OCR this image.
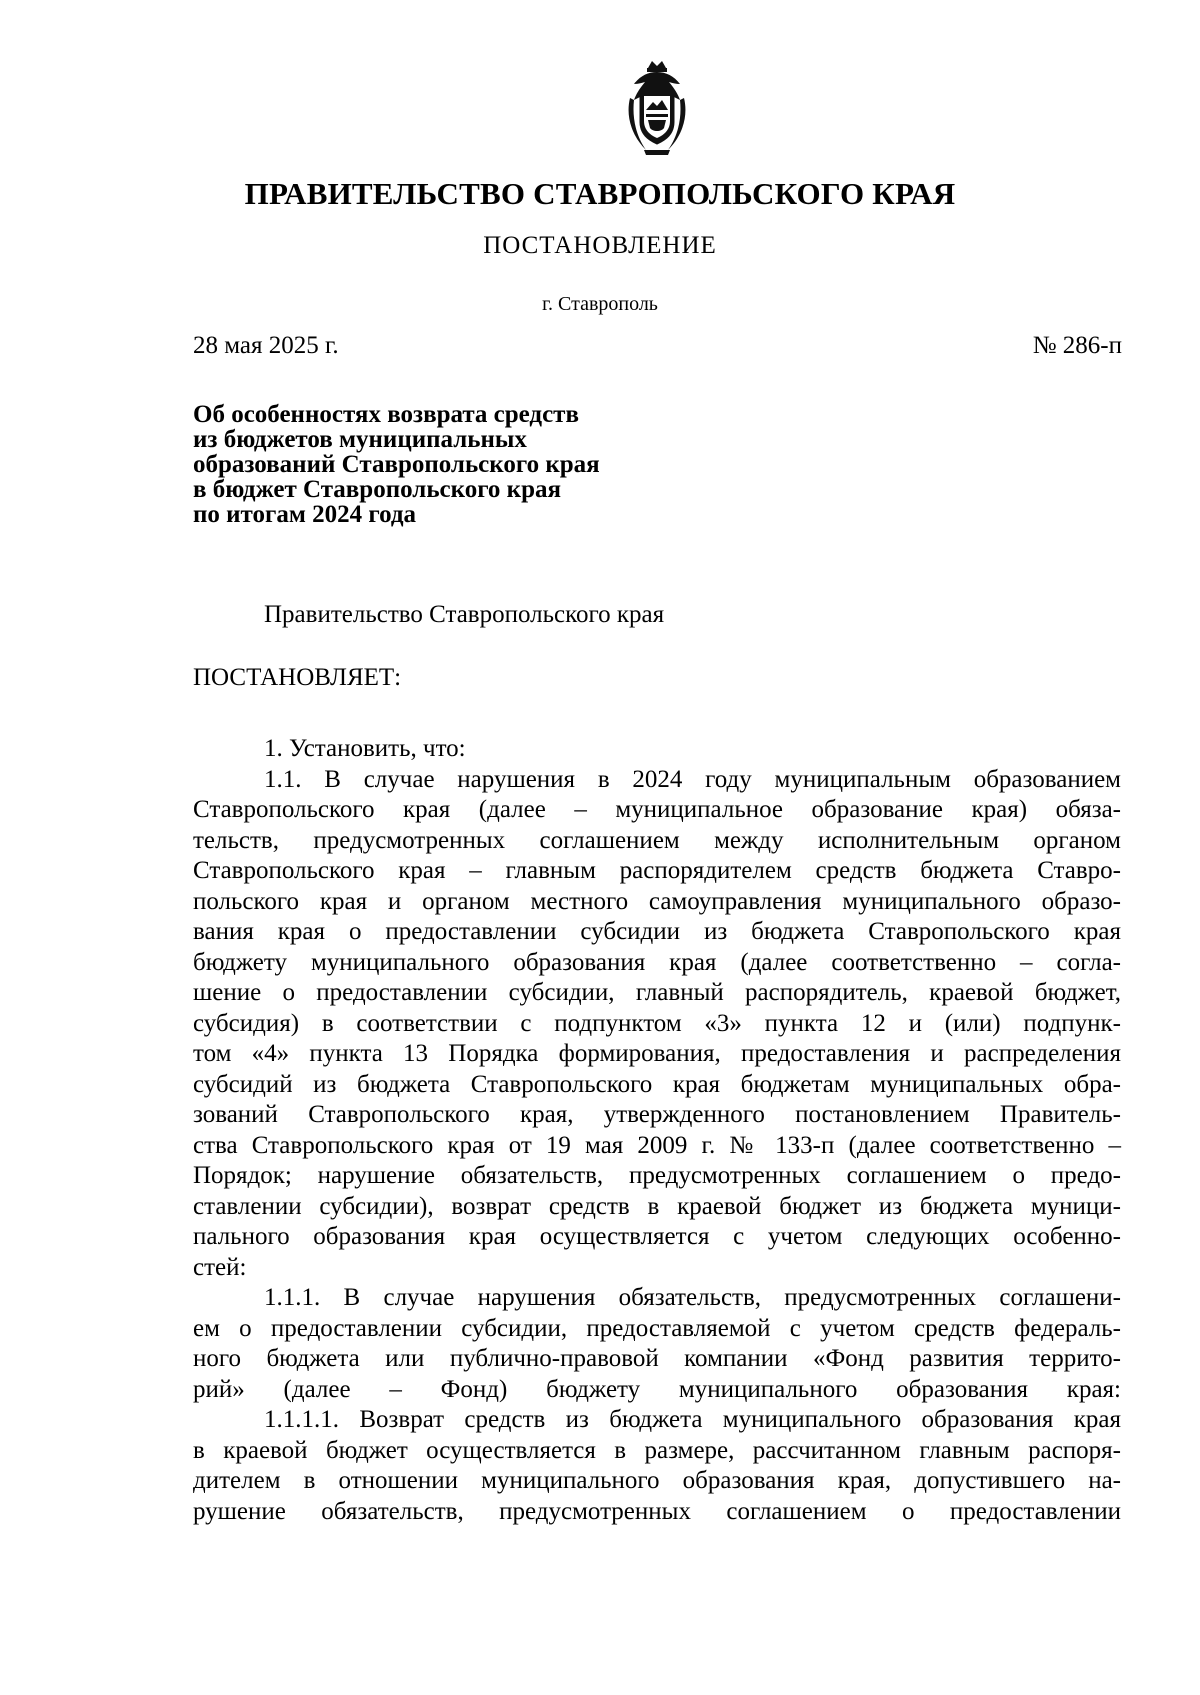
ПРАВИТЕЛЬСТВО СТАВРОПОЛЬСКОГО КРАЯ
ПОСТАНОВЛЕНИЕ
г. Ставрополь
28 мая 2025 г.	№ 286-п
Об особенностях возврата средств
из бюджетов муниципальных
образований Ставропольского края
в бюджет Ставропольского края
по итогам 2024 года
Правительство Ставропольского края
ПОСТАНОВЛЯЕТ:

1. Установить, что:

1.1. В случае нарушения в 2024 году муниципальным образованием

Ставропольского края (далее – муниципальное образование края) обяза-

тельств, предусмотренных соглашением между исполнительным органом

Ставропольского края – главным распорядителем средств бюджета Ставро-

польского края и органом местного самоуправления муниципального образо-

вания края о предоставлении субсидии из бюджета Ставропольского края

бюджету муниципального образования края (далее соответственно – согла-

шение о предоставлении субсидии, главный распорядитель, краевой бюджет,

субсидия) в соответствии с подпунктом «3» пункта 12 и (или) подпунк-

том «4» пункта 13 Порядка формирования, предоставления и распределения

субсидий из бюджета Ставропольского края бюджетам муниципальных обра-

зований Ставропольского края, утвержденного постановлением Правитель-

ства Ставропольского края от 19 мая 2009 г. № 133-п (далее соответственно –

Порядок; нарушение обязательств, предусмотренных соглашением о предо-

ставлении субсидии), возврат средств в краевой бюджет из бюджета муници-

пального образования края осуществляется с учетом следующих особенно-

стей:

1.1.1. В случае нарушения обязательств, предусмотренных соглашени-

ем о предоставлении субсидии, предоставляемой с учетом средств федераль-

ного бюджета или публично-правовой компании «Фонд развития террито-

рий» (далее – Фонд) бюджету муниципального образования края:

1.1.1.1. Возврат средств из бюджета муниципального образования края

в краевой бюджет осуществляется в размере, рассчитанном главным распоря-

дителем в отношении муниципального образования края, допустившего на-

рушение обязательств, предусмотренных соглашением о предоставлении
